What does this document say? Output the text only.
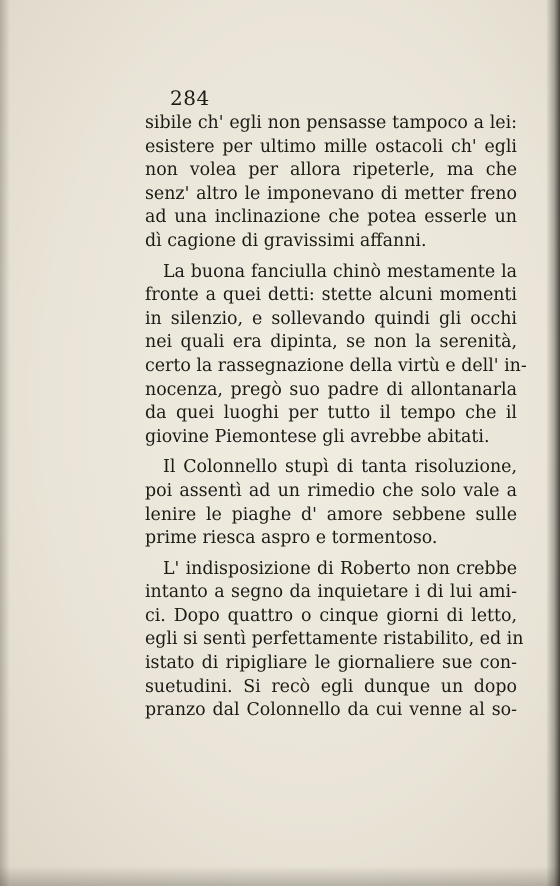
284
sibile ch' egli non pensasse tampoco a lei:
esistere per ultimo mille ostacoli ch' egli
non volea per allora ripeterle, ma che
senz' altro le imponevano di metter freno
ad una inclinazione che potea esserle un
dì cagione di gravissimi affanni.
La buona fanciulla chinò mestamente la
fronte a quei detti: stette alcuni momenti
in silenzio, e sollevando quindi gli occhi
nei quali era dipinta, se non la serenità,
certo la rassegnazione della virtù e dell' in-
nocenza, pregò suo padre di allontanarla
da quei luoghi per tutto il tempo che il
giovine Piemontese gli avrebbe abitati.
Il Colonnello stupì di tanta risoluzione,
poi assentì ad un rimedio che solo vale a
lenire le piaghe d' amore sebbene sulle
prime riesca aspro e tormentoso.
L' indisposizione di Roberto non crebbe
intanto a segno da inquietare i di lui ami-
ci. Dopo quattro o cinque giorni di letto,
egli si sentì perfettamente ristabilito, ed in
istato di ripigliare le giornaliere sue con-
suetudini. Si recò egli dunque un dopo
pranzo dal Colonnello da cui venne al so-
